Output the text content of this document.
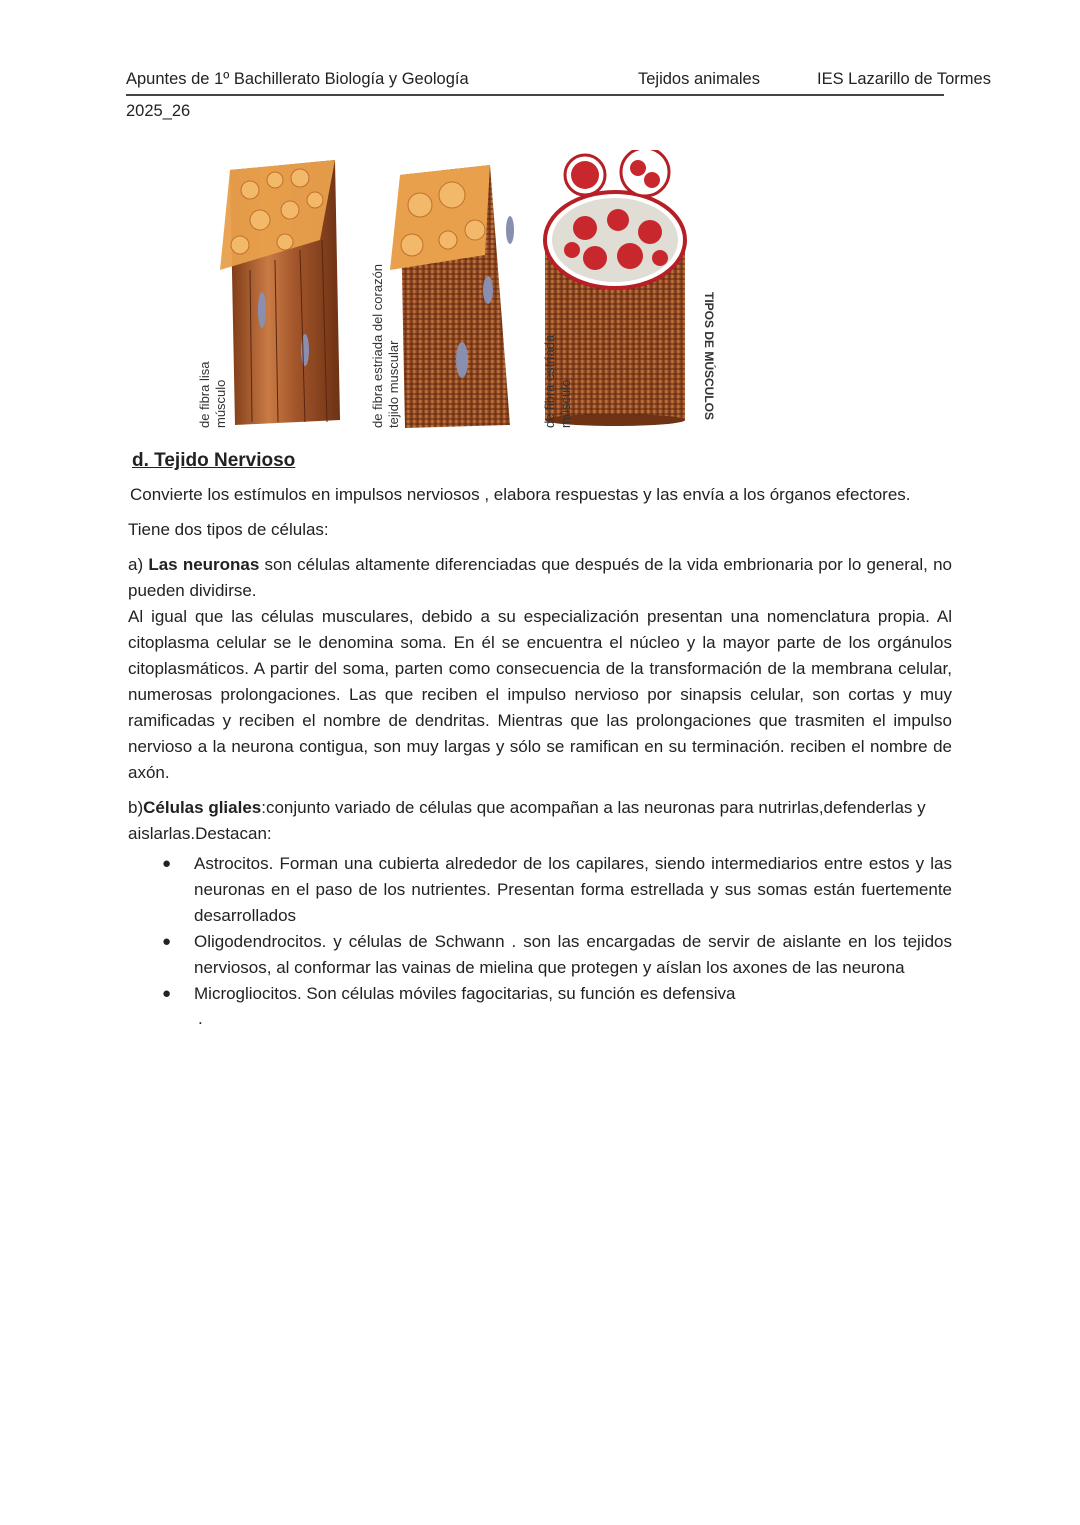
Apuntes de 1º Bachillerato Biología y Geología	Tejidos animales	IES Lazarillo de Tormes
2025_26
músculo
de fibra lisa	tejido muscular
de fibra estriada del corazón	músculo
de fibra estriada	TIPOS DE MÚSCULOS
d. Tejido Nervioso
Convierte los estímulos en impulsos nerviosos , elabora respuestas y las envía a los órganos efectores.
Tiene dos tipos de células:
a) Las neuronas son células altamente diferenciadas que después de la vida embrionaria por lo general, no pueden dividirse.
Al igual que las células musculares, debido a su especialización presentan una nomenclatura propia. Al citoplasma celular se le denomina soma. En él se encuentra el núcleo y la mayor parte de los orgánulos citoplasmáticos. A partir del soma, parten como consecuencia de la transformación de la membrana celular, numerosas prolongaciones. Las que reciben el impulso nervioso por sinapsis celular, son cortas y muy ramificadas y reciben el nombre de dendritas. Mientras que las prolongaciones que trasmiten el impulso nervioso a la neurona contigua, son muy largas y sólo se ramifican en su terminación. reciben el nombre de axón.
b)Células gliales:conjunto variado de células que acompañan a las neuronas para nutrirlas,defenderlas y aislarlas.Destacan:
● Astrocitos. Forman una cubierta alrededor de los capilares, siendo intermediarios entre estos y las neuronas en el paso de los nutrientes. Presentan forma estrellada y sus somas están fuertemente desarrollados
● Oligodendrocitos. y células de Schwann . son las encargadas de servir de aislante en los tejidos nerviosos, al conformar las vainas de mielina que protegen y aíslan los axones de las neurona
● Microgliocitos. Son células móviles fagocitarias, su función es defensiva
.
